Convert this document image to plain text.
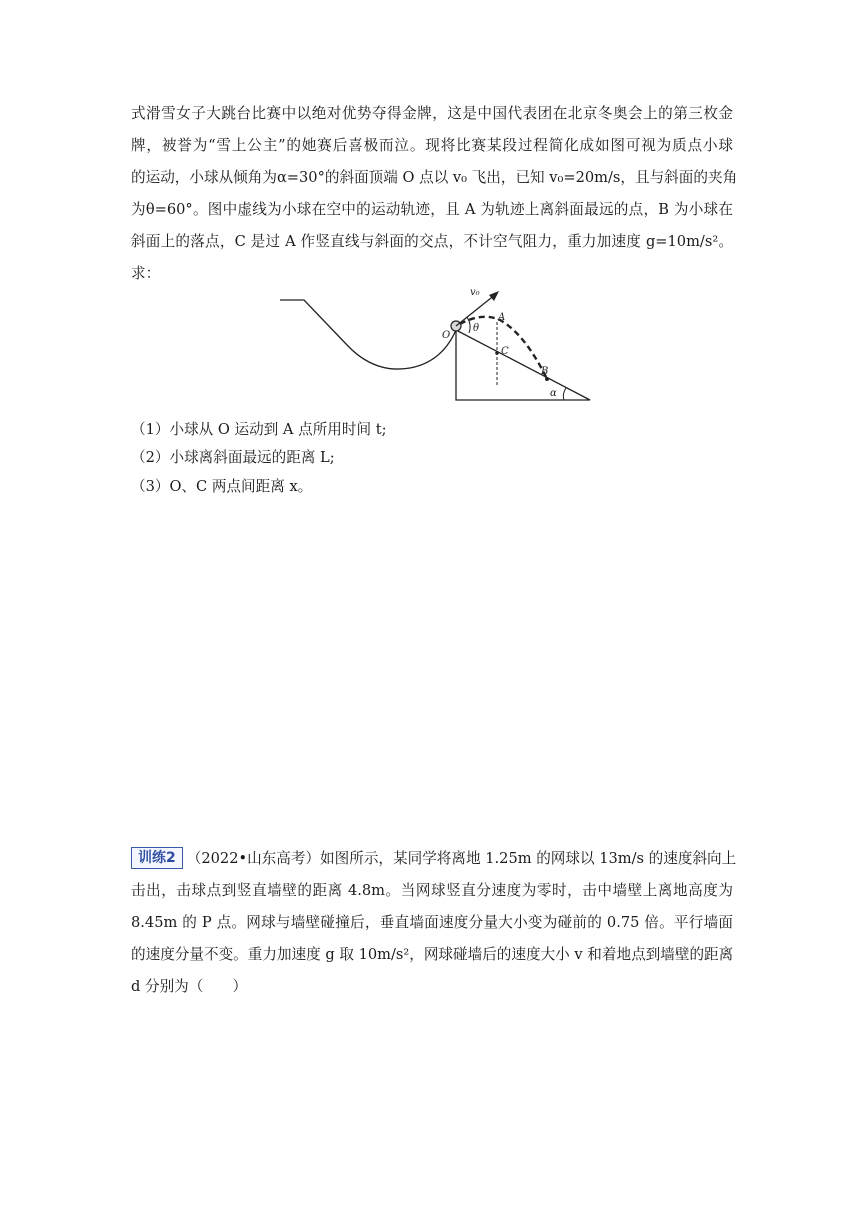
式滑雪女子大跳台比赛中以绝对优势夺得金牌，这是中国代表团在北京冬奥会上的第三枚金
牌，被誉为“雪上公主”的她赛后喜极而泣。现将比赛某段过程简化成如图可视为质点小球
的运动，小球从倾角为α=30°的斜面顶端 O 点以 v₀ 飞出，已知 v₀=20m/s，且与斜面的夹角
为θ=60°。图中虚线为小球在空中的运动轨迹，且 A 为轨迹上离斜面最远的点，B 为小球在
斜面上的落点，C 是过 A 作竖直线与斜面的交点，不计空气阻力，重力加速度 g=10m/s²。
求：
v₀
O
θ
A
C
B
α
（1）小球从 O 运动到 A 点所用时间 t;
（2）小球离斜面最远的距离 L;
（3）O、C 两点间距离 x。
训练2 （2022•山东高考）如图所示，某同学将离地 1.25m 的网球以 13m/s 的速度斜向上
击出，击球点到竖直墙壁的距离 4.8m。当网球竖直分速度为零时，击中墙壁上离地高度为
8.45m 的 P 点。网球与墙壁碰撞后，垂直墙面速度分量大小变为碰前的 0.75 倍。平行墙面
的速度分量不变。重力加速度 g 取 10m/s²，网球碰墙后的速度大小 v 和着地点到墙壁的距离
d 分别为（　　）
